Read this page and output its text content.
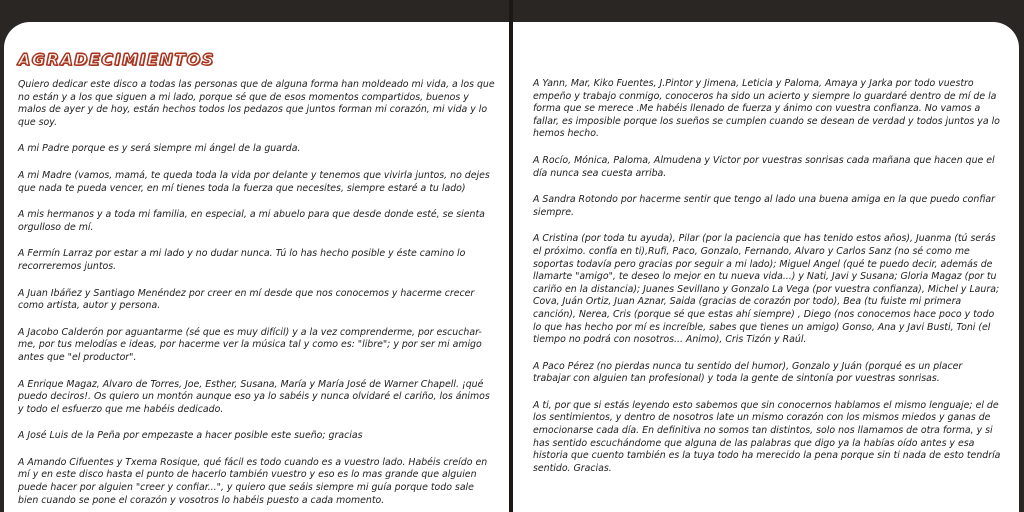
AGRADECIMIENTOS

Quiero dedicar este disco a todas las personas que de alguna forma han moldeado mi vida, a los que no están y a los que siguen a mi lado, porque sé que de esos momentos compartidos, buenos y malos de ayer y de hoy, están hechos todos los pedazos que juntos forman mi corazón, mi vida y lo que soy.

A mi Padre porque es y será siempre mi ángel de la guarda.

A mi Madre (vamos, mamá, te queda toda la vida por delante y tenemos que vivirla juntos, no dejes que nada te pueda vencer, en mí tienes toda la fuerza que necesites, siempre estaré a tu lado)

A mis hermanos y a toda mi familia, en especial, a mi abuelo para que desde donde esté, se sienta orgulloso de mí.

A Fermín Larraz por estar a mi lado y no dudar nunca. Tú lo has hecho posible y éste camino lo recorreremos juntos.

A Juan Ibáñez y Santiago Menéndez por creer en mí desde que nos conocemos y hacerme crecer como artista, autor y persona.

A Jacobo Calderón por aguantarme (sé que es muy difícil) y a la vez comprenderme, por escuchar-me, por tus melodías e ideas, por hacerme ver la música tal y como es: "libre"; y por ser mi amigo antes que "el productor".

A Enrique Magaz, Alvaro de Torres, Joe, Esther, Susana, María y María José de Warner Chapell. ¡qué puedo deciros!. Os quiero un montón aunque eso ya lo sabéis y nunca olvidaré el cariño, los ánimos y todo el esfuerzo que me habéis dedicado.

A José Luis de la Peña por empezaste a hacer posible este sueño; gracias

A Amando Cifuentes y Txema Rosique, qué fácil es todo cuando es a vuestro lado. Habéis creído en mí y en este disco hasta el punto de hacerlo también vuestro y eso es lo mas grande que alguien puede hacer por alguien "creer y confiar...", y quiero que seáis siempre mi guía porque todo sale bien cuando se pone el corazón y vosotros lo habéis puesto a cada momento.

A Yann, Mar, Kiko Fuentes, J.Pintor y Jimena, Leticia y Paloma, Amaya y Jarka por todo vuestro empeño y trabajo conmigo, conoceros ha sido un acierto y siempre lo guardaré dentro de mí de la forma que se merece .Me habéis llenado de fuerza y ánimo con vuestra confianza. No vamos a fallar, es imposible porque los sueños se cumplen cuando se desean de verdad y todos juntos ya lo hemos hecho.

A Rocío, Mónica, Paloma, Almudena y Victor por vuestras sonrisas cada mañana que hacen que el día nunca sea cuesta arriba.

A Sandra Rotondo por hacerme sentir que tengo al lado una buena amiga en la que puedo confiar siempre.

A Cristina (por toda tu ayuda), Pilar (por la paciencia que has tenido estos años), Juanma (tú serás el próximo. confía en ti),Rufi, Paco, Gonzalo, Fernando, Alvaro y Carlos Sanz (no sé como me soportas todavía pero gracias por seguir a mi lado); Miguel Angel (qué te puedo decir, además de llamarte "amigo", te deseo lo mejor en tu nueva vida...) y Nati, Javi y Susana; Gloria Magaz (por tu cariño en la distancia); Juanes Sevillano y Gonzalo La Vega (por vuestra confianza), Michel y Laura; Cova, Juán Ortiz, Juan Aznar, Saida (gracias de corazón por todo), Bea (tu fuiste mi primera canción), Nerea, Cris (porque sé que estas ahí siempre) , Diego (nos conocemos hace poco y todo lo que has hecho por mí es increíble, sabes que tienes un amigo) Gonso, Ana y Javi Busti, Toni (el tiempo no podrá con nosotros... Animo), Cris Tizón y Raúl.

A Paco Pérez (no pierdas nunca tu sentido del humor), Gonzalo y Juán (porqué es un placer trabajar con alguien tan profesional) y toda la gente de sintonía por vuestras sonrisas.

A ti, por que si estás leyendo esto sabemos que sin conocernos hablamos el mismo lenguaje; el de los sentimientos, y dentro de nosotros late un mismo corazón con los mismos miedos y ganas de emocionarse cada día. En definitiva no somos tan distintos, solo nos llamamos de otra forma, y si has sentido escuchándome que alguna de las palabras que digo ya la habías oído antes y esa historia que cuento también es la tuya todo ha merecido la pena porque sin ti nada de esto tendría sentido. Gracias.
